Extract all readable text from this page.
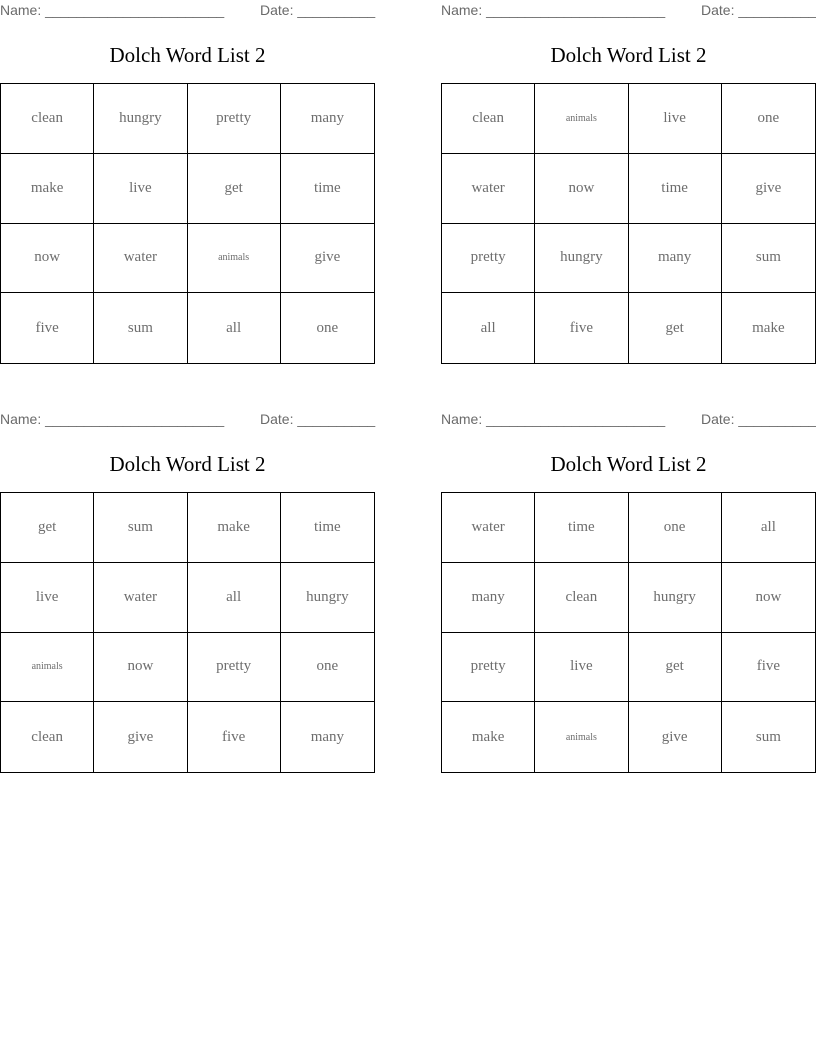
Name: _______________________	Date: __________
Dolch Word List 2
clean	hungry	pretty	many
make	live	get	time
now	water	animals	give
five	sum	all	one
Name: _______________________	Date: __________
Dolch Word List 2
clean	animals	live	one
water	now	time	give
pretty	hungry	many	sum
all	five	get	make
Name: _______________________	Date: __________
Dolch Word List 2
get	sum	make	time
live	water	all	hungry
animals	now	pretty	one
clean	give	five	many
Name: _______________________	Date: __________
Dolch Word List 2
water	time	one	all
many	clean	hungry	now
pretty	live	get	five
make	animals	give	sum
